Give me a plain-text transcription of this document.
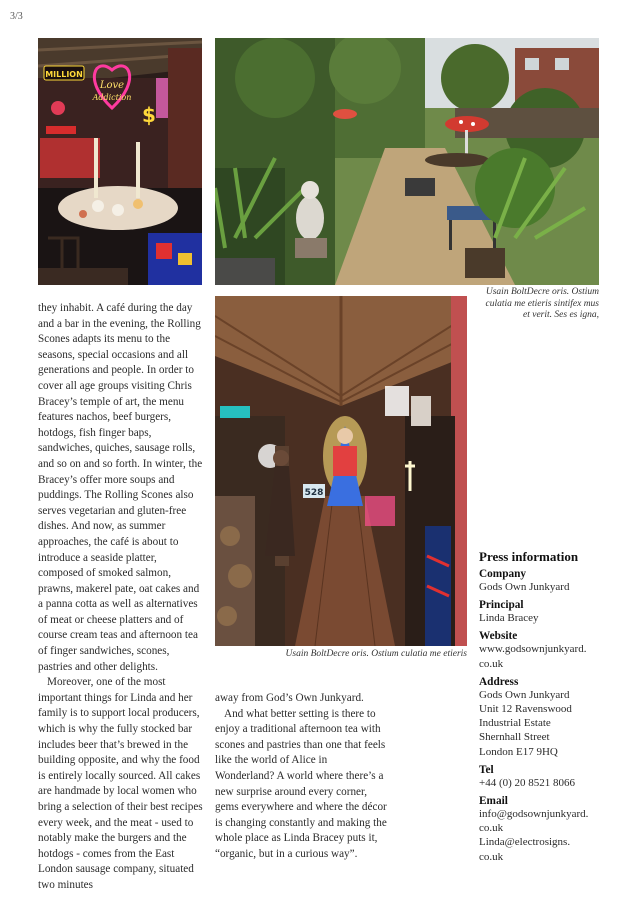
3/3
MILLION
Love
Addiction
$
Usain BoltDecre oris. Ostium culatia me etieris sintifex mus et verit. Ses es igna,
528
Usain BoltDecre oris. Ostium culatia me etieris

they inhabit. A café during the day and a bar in the evening, the Rolling Scones adapts its menu to the seasons, special occasions and all generations and people. In order to cover all age groups visiting Chris Bracey’s temple of art, the menu features nachos, beef burgers, hotdogs, fish finger baps, sandwiches, quiches, sausage rolls, and so on and so forth. In winter, the Bracey’s offer more soups and puddings. The Rolling Scones also serves vegetarian and gluten-free dishes. And now, as summer approaches, the café is about to introduce a seaside platter, composed of smoked salmon, prawns, makerel pate, oat cakes and a panna cotta as well as alternatives of meat or cheese platters and of course cream teas and afternoon tea of finger sandwiches, scones, pastries and other delights.

Moreover, one of the most important things for Linda and her family is to support local producers, which is why the fully stocked bar includes beer that’s brewed in the building opposite, and why the food is entirely locally sourced. All cakes are handmade by local women who bring a selection of their best recipes every week, and the meat - used to notably make the burgers and the hotdogs - comes from the East London sausage company, situated two minutes

away from God’s Own Junkyard.

And what better setting is there to enjoy a traditional afternoon tea with scones and pastries than one that feels like the world of Alice in Wonderland? A world where there’s a new surprise around every corner, gems everywhere and where the décor is changing constantly and making the whole place as Linda Bracey puts it, “organic, but in a curious way”.

Press information
Company
Gods Own Junkyard
Principal
Linda Bracey
Website
www.godsownjunkyard.
co.uk
Address
Gods Own Junkyard
Unit 12 Ravenswood
Industrial Estate
Shernhall Street
London E17 9HQ
Tel
+44 (0) 20 8521 8066
Email
info@godsownjunkyard.
co.uk
Linda@electrosigns.
co.uk
